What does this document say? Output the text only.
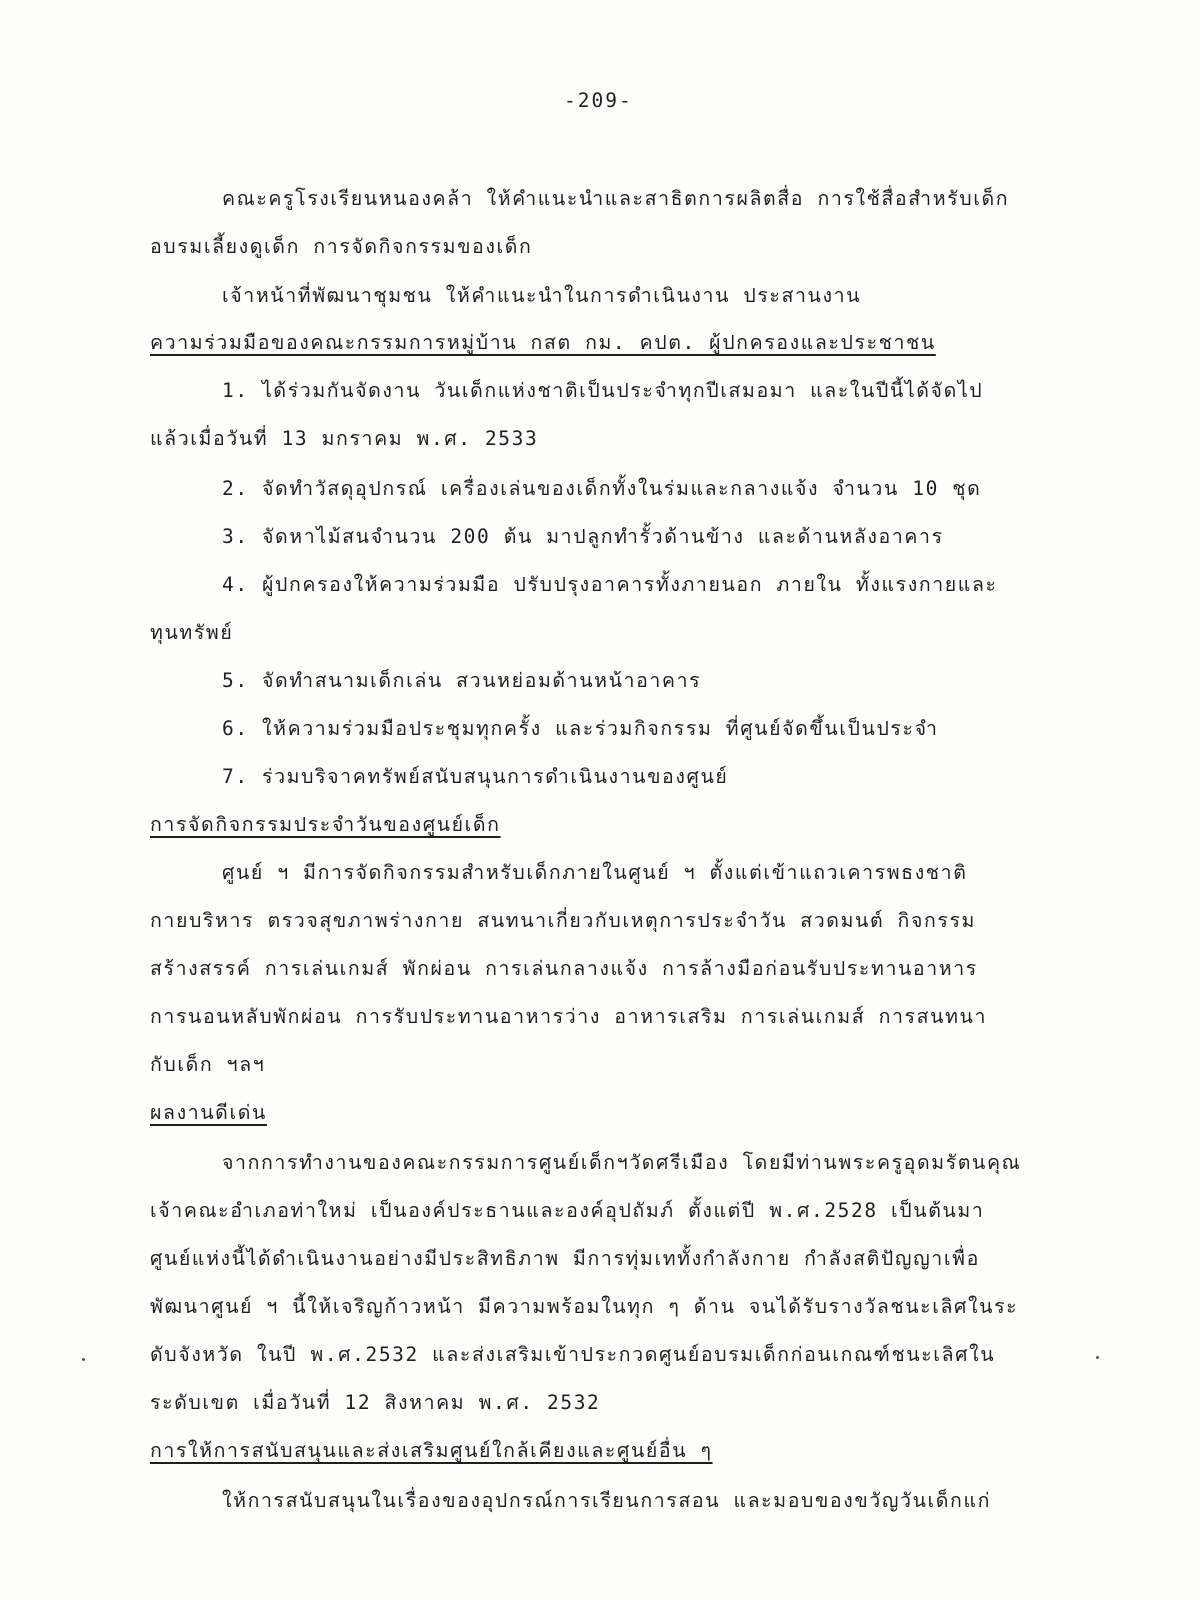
-209-
คณะครูโรงเรียนหนองคล้า ให้คำแนะนำและสาธิตการผลิตสื่อ การใช้สื่อสำหรับเด็ก
อบรมเลี้ยงดูเด็ก การจัดกิจกรรมของเด็ก
เจ้าหน้าที่พัฒนาชุมชน ให้คำแนะนำในการดำเนินงาน ประสานงาน
ความร่วมมือของคณะกรรมการหมู่บ้าน กสต กม. คปต. ผู้ปกครองและประชาชน
1. ได้ร่วมกันจัดงาน วันเด็กแห่งชาติเป็นประจำทุกปีเสมอมา และในปีนี้ได้จัดไป
แล้วเมื่อวันที่ 13 มกราคม พ.ศ. 2533
2. จัดทำวัสดุอุปกรณ์ เครื่องเล่นของเด็กทั้งในร่มและกลางแจ้ง จำนวน 10 ชุด
3. จัดหาไม้สนจำนวน 200 ต้น มาปลูกทำรั้วด้านข้าง และด้านหลังอาคาร
4. ผู้ปกครองให้ความร่วมมือ ปรับปรุงอาคารทั้งภายนอก ภายใน ทั้งแรงกายและ
ทุนทรัพย์
5. จัดทำสนามเด็กเล่น สวนหย่อมด้านหน้าอาคาร
6. ให้ความร่วมมือประชุมทุกครั้ง และร่วมกิจกรรม ที่ศูนย์จัดขึ้นเป็นประจำ
7. ร่วมบริจาคทรัพย์สนับสนุนการดำเนินงานของศูนย์
การจัดกิจกรรมประจำวันของศูนย์เด็ก
ศูนย์ ฯ มีการจัดกิจกรรมสำหรับเด็กภายในศูนย์ ฯ ตั้งแต่เข้าแถวเคารพธงชาติ
กายบริหาร ตรวจสุขภาพร่างกาย สนทนาเกี่ยวกับเหตุการประจำวัน สวดมนต์ กิจกรรม
สร้างสรรค์ การเล่นเกมส์ พักผ่อน การเล่นกลางแจ้ง การล้างมือก่อนรับประทานอาหาร
การนอนหลับพักผ่อน การรับประทานอาหารว่าง อาหารเสริม การเล่นเกมส์ การสนทนา
กับเด็ก ฯลฯ
ผลงานดีเด่น
จากการทำงานของคณะกรรมการศูนย์เด็กฯวัดศรีเมือง โดยมีท่านพระครูอุดมรัตนคุณ
เจ้าคณะอำเภอท่าใหม่ เป็นองค์ประธานและองค์อุปถัมภ์ ตั้งแต่ปี พ.ศ.2528 เป็นต้นมา
ศูนย์แห่งนี้ได้ดำเนินงานอย่างมีประสิทธิภาพ มีการทุ่มเททั้งกำลังกาย กำลังสติปัญญาเพื่อ
พัฒนาศูนย์ ฯ นี้ให้เจริญก้าวหน้า มีความพร้อมในทุก ๆ ด้าน จนได้รับรางวัลชนะเลิศในระ
ดับจังหวัด ในปี พ.ศ.2532 และส่งเสริมเข้าประกวดศูนย์อบรมเด็กก่อนเกณฑ์ชนะเลิศใน
ระดับเขต เมื่อวันที่ 12 สิงหาคม พ.ศ. 2532
การให้การสนับสนุนและส่งเสริมศูนย์ใกล้เคียงและศูนย์อื่น ๆ
ให้การสนับสนุนในเรื่องของอุปกรณ์การเรียนการสอน และมอบของขวัญวันเด็กแก่
